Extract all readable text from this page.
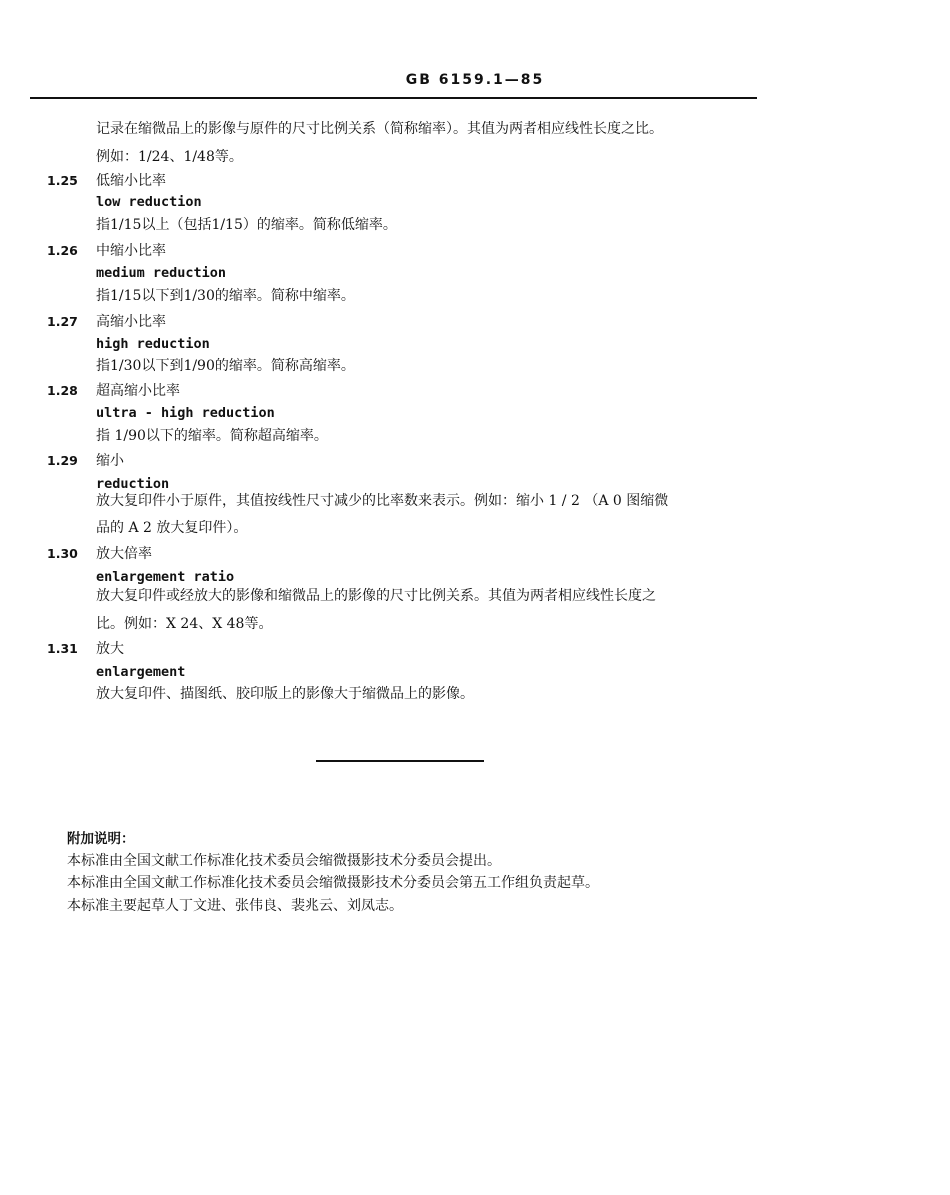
GB 6159.1—85
记录在缩微品上的影像与原件的尺寸比例关系（简称缩率）。其值为两者相应线性长度之比。
例如：1/24、1/48等。
1.25 低缩小比率
low reduction
指1/15以上（包括1/15）的缩率。简称低缩率。
1.26 中缩小比率
medium reduction
指1/15以下到1/30的缩率。简称中缩率。
1.27 高缩小比率
high reduction
指1/30以下到1/90的缩率。简称高缩率。
1.28 超高缩小比率
ultra - high reduction
指 1/90以下的缩率。简称超高缩率。
1.29 缩小
reduction
放大复印件小于原件，其值按线性尺寸减少的比率数来表示。例如：缩小 1 / 2 （A 0 图缩微
品的 A 2 放大复印件）。
1.30 放大倍率
enlargement ratio
放大复印件或经放大的影像和缩微品上的影像的尺寸比例关系。其值为两者相应线性长度之
比。例如：X 24、X 48等。
1.31 放大
enlargement
放大复印件、描图纸、胶印版上的影像大于缩微品上的影像。
附加说明：
本标准由全国文献工作标准化技术委员会缩微摄影技术分委员会提出。
本标准由全国文献工作标准化技术委员会缩微摄影技术分委员会第五工作组负责起草。
本标准主要起草人丁文进、张伟良、裴兆云、刘凤志。
